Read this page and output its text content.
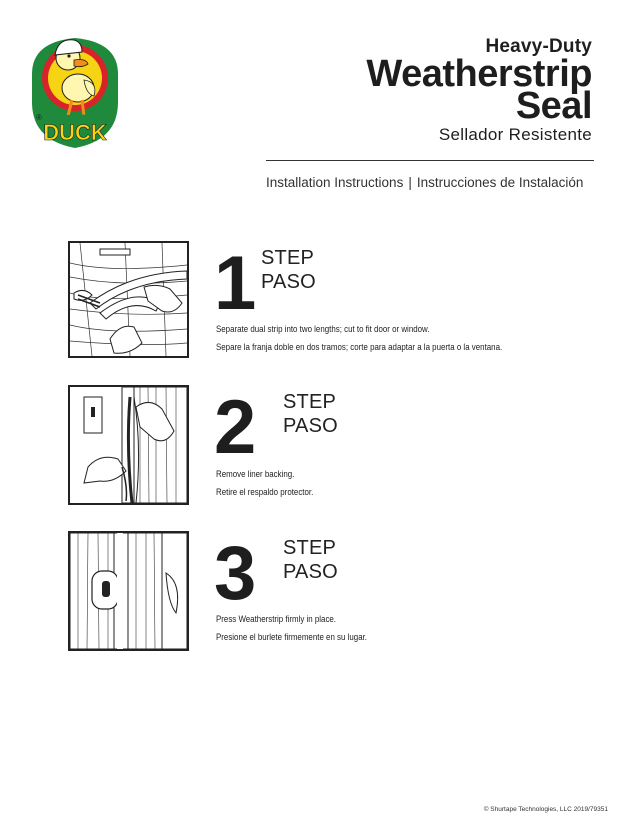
DUCK
®
Heavy-Duty
Weatherstrip
Seal
Sellador Resistente
Installation Instructions | Instrucciones de Instalación
1 STEP
PASO
Separate dual strip into two lengths; cut to fit door or window.
Separe la franja doble en dos tramos; corte para adaptar a la puerta o la ventana.
2 STEP
PASO
Remove liner backing.
Retire el respaldo protector.
3 STEP
PASO
Press Weatherstrip firmly in place.
Presione el burlete firmemente en su lugar.
© Shurtape Technologies, LLC 2019/79351
